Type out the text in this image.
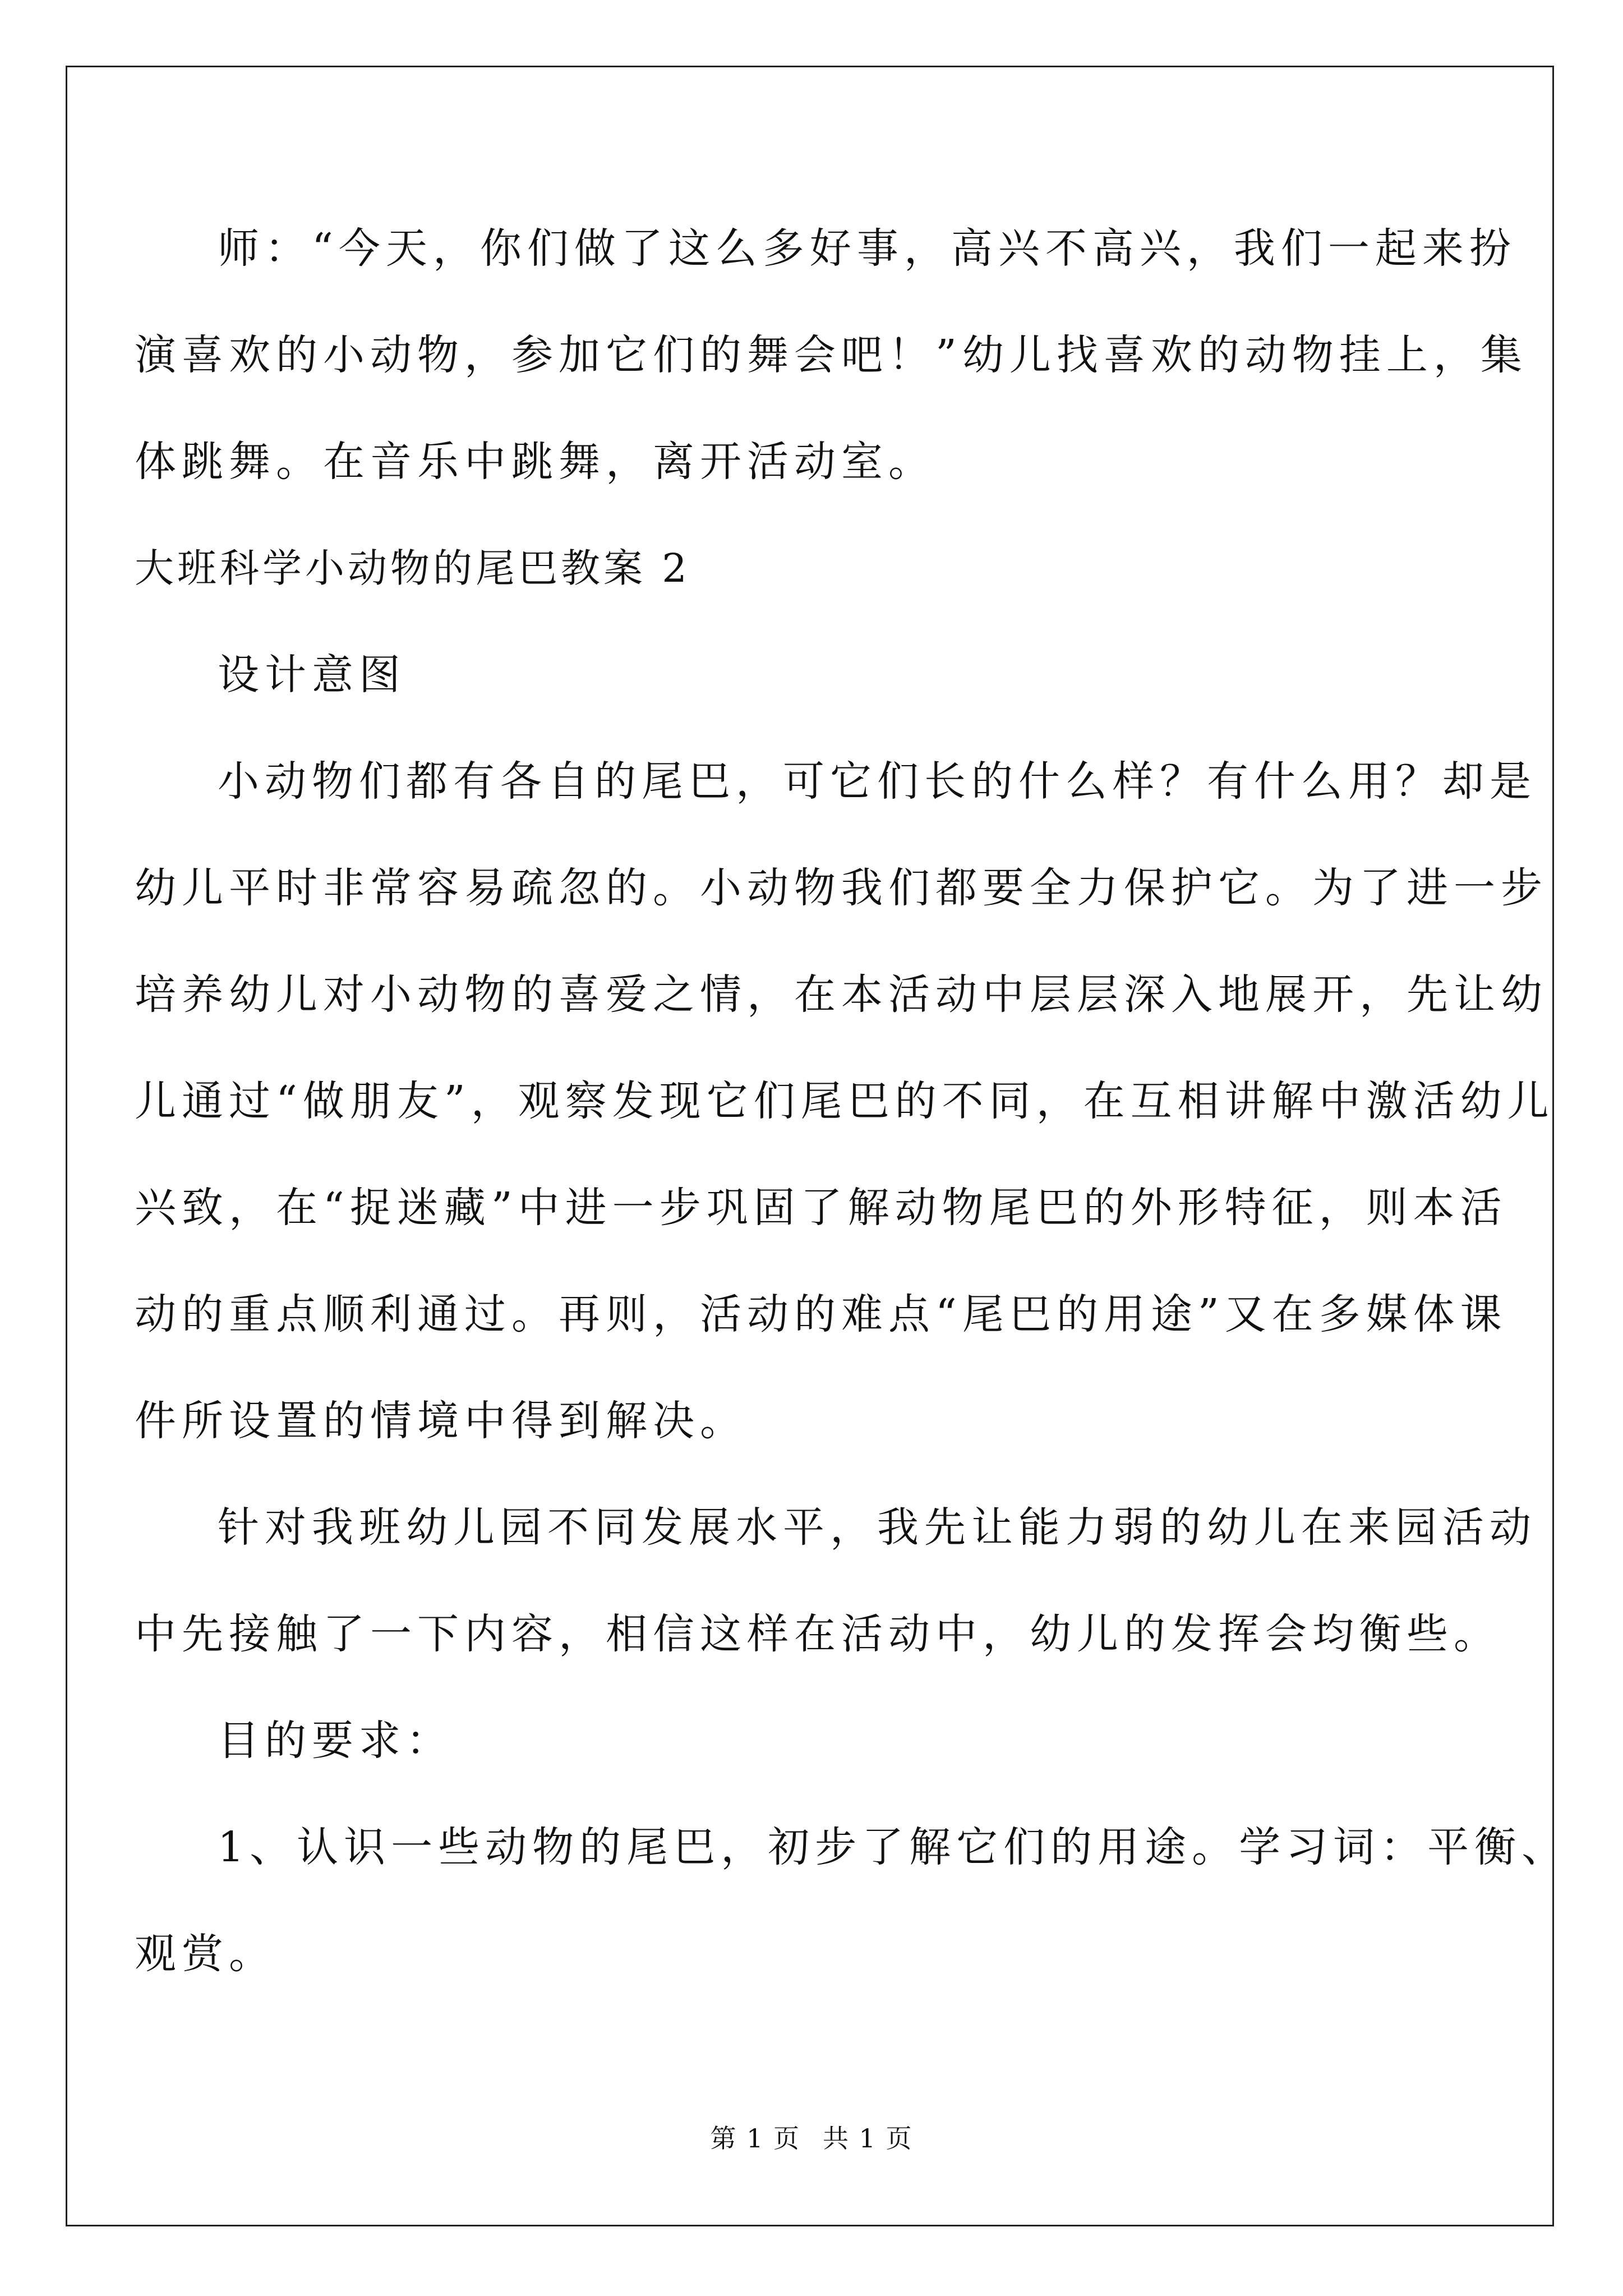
师：“今天，你们做了这么多好事，高兴不高兴，我们一起来扮
演喜欢的小动物，参加它们的舞会吧！”幼儿找喜欢的动物挂上，集
体跳舞。在音乐中跳舞，离开活动室。
大班科学小动物的尾巴教案 2
设计意图
小动物们都有各自的尾巴，可它们长的什么样？有什么用？却是
幼儿平时非常容易疏忽的。小动物我们都要全力保护它。为了进一步
培养幼儿对小动物的喜爱之情，在本活动中层层深入地展开，先让幼
儿通过“做朋友”，观察发现它们尾巴的不同，在互相讲解中激活幼儿
兴致，在“捉迷藏”中进一步巩固了解动物尾巴的外形特征，则本活
动的重点顺利通过。再则，活动的难点“尾巴的用途”又在多媒体课
件所设置的情境中得到解决。
针对我班幼儿园不同发展水平，我先让能力弱的幼儿在来园活动
中先接触了一下内容，相信这样在活动中，幼儿的发挥会均衡些。
目的要求：
1、认识一些动物的尾巴，初步了解它们的用途。学习词：平衡、
观赏。
第 1 页 共 1 页
